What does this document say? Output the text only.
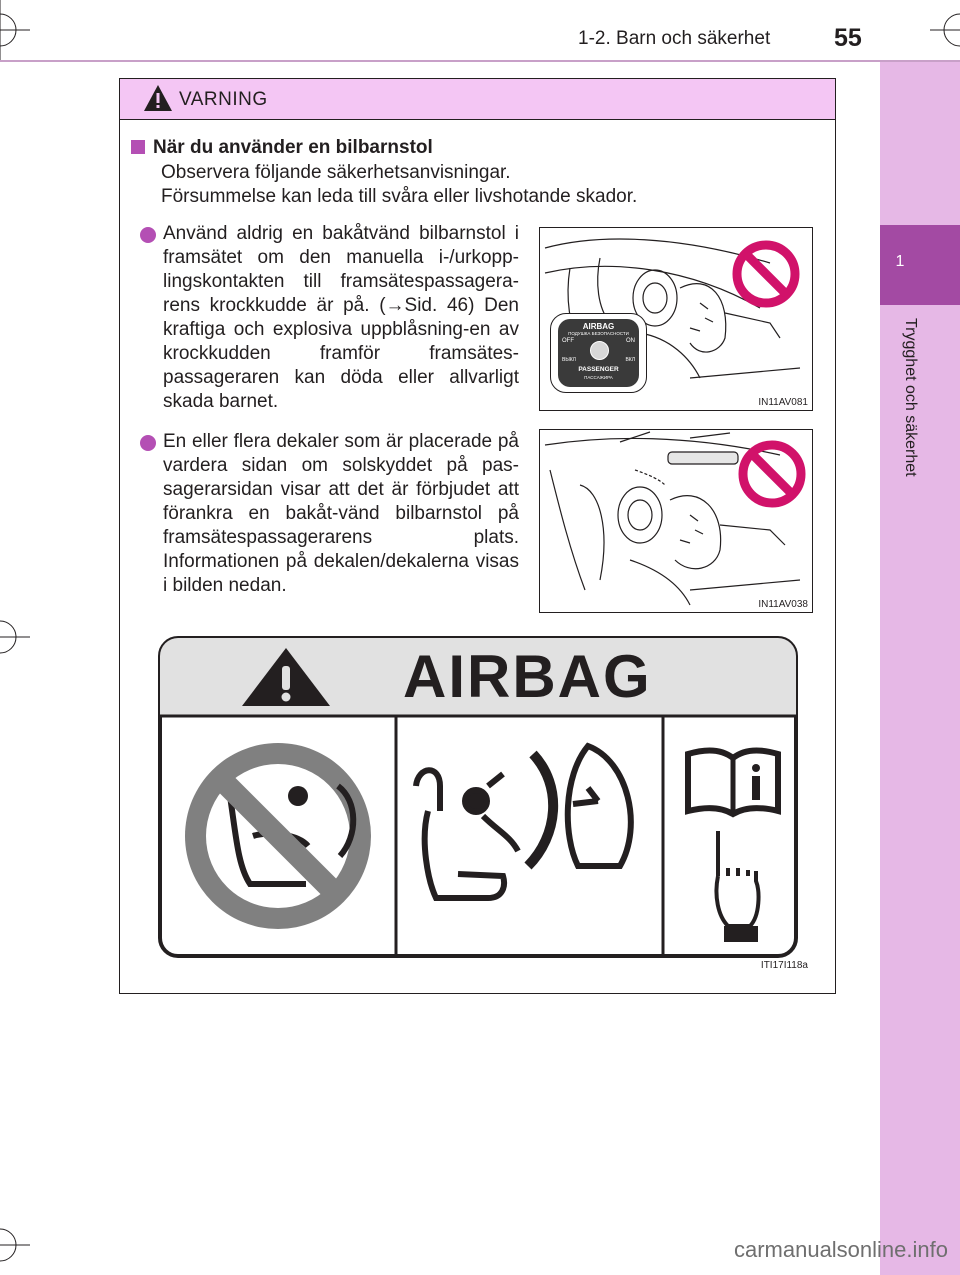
1-2. Barn och säkerhet	55
1
Trygghet och säkerhet
VARNING
När du använder en bilbarnstol
Observera följande säkerhetsanvisningar.
Försummelse kan leda till svåra eller livshotande skador.
Använd aldrig en bakåtvänd bilbarnstol i framsätet om den manuella i-/urkopp-lingskontakten till framsätespassagera-rens krockkudde är på. (→Sid. 46) Den kraftiga och explosiva uppblåsning-en av krockkudden framför framsätes-passageraren kan döda eller allvarligt skada barnet.
AIRBAG
ПОДУШКА БЕЗОПАСНОСТИ
OFF	ON
ВЫКЛ	ВКЛ
PASSENGER
ПАССАЖИРА
IN11AV081
En eller flera dekaler som är placerade på vardera sidan om solskyddet på pas-sagerarsidan visar att det är förbjudet att förankra en bakåt-vänd bilbarnstol på framsätespassagerarens plats. Informationen på dekalen/dekalerna visas i bilden nedan.
IN11AV038
AIRBAG
ITI17I118a
carmanualsonline.info
